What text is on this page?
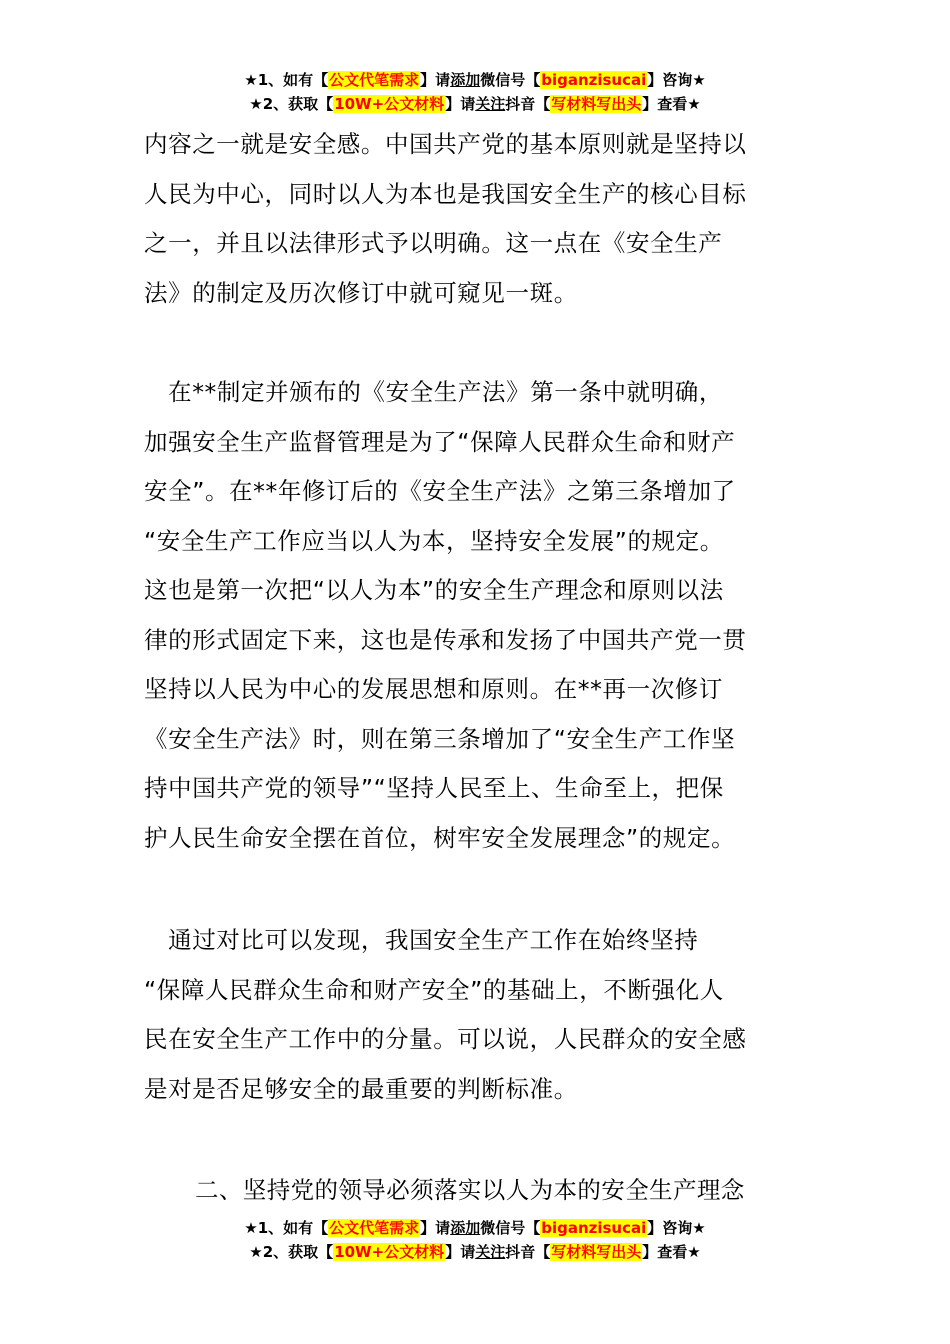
★1、如有【公文代笔需求】请添加微信号【biganzisucai】咨询★
★2、获取【10W+公文材料】请关注抖音【写材料写出头】查看★
内容之一就是安全感。中国共产党的基本原则就是坚持以
人民为中心，同时以人为本也是我国安全生产的核心目标
之一，并且以法律形式予以明确。这一点在《安全生产
法》的制定及历次修订中就可窥见一斑。
　在**制定并颁布的《安全生产法》第一条中就明确，
加强安全生产监督管理是为了“保障人民群众生命和财产
安全”。在**年修订后的《安全生产法》之第三条增加了
“安全生产工作应当以人为本，坚持安全发展”的规定。
这也是第一次把“以人为本”的安全生产理念和原则以法
律的形式固定下来，这也是传承和发扬了中国共产党一贯
坚持以人民为中心的发展思想和原则。在**再一次修订
《安全生产法》时，则在第三条增加了“安全生产工作坚
持中国共产党的领导”“坚持人民至上、生命至上，把保
护人民生命安全摆在首位，树牢安全发展理念”的规定。
　通过对比可以发现，我国安全生产工作在始终坚持
“保障人民群众生命和财产安全”的基础上，不断强化人
民在安全生产工作中的分量。可以说，人民群众的安全感
是对是否足够安全的最重要的判断标准。
二、坚持党的领导必须落实以人为本的安全生产理念
★1、如有【公文代笔需求】请添加微信号【biganzisucai】咨询★
★2、获取【10W+公文材料】请关注抖音【写材料写出头】查看★
